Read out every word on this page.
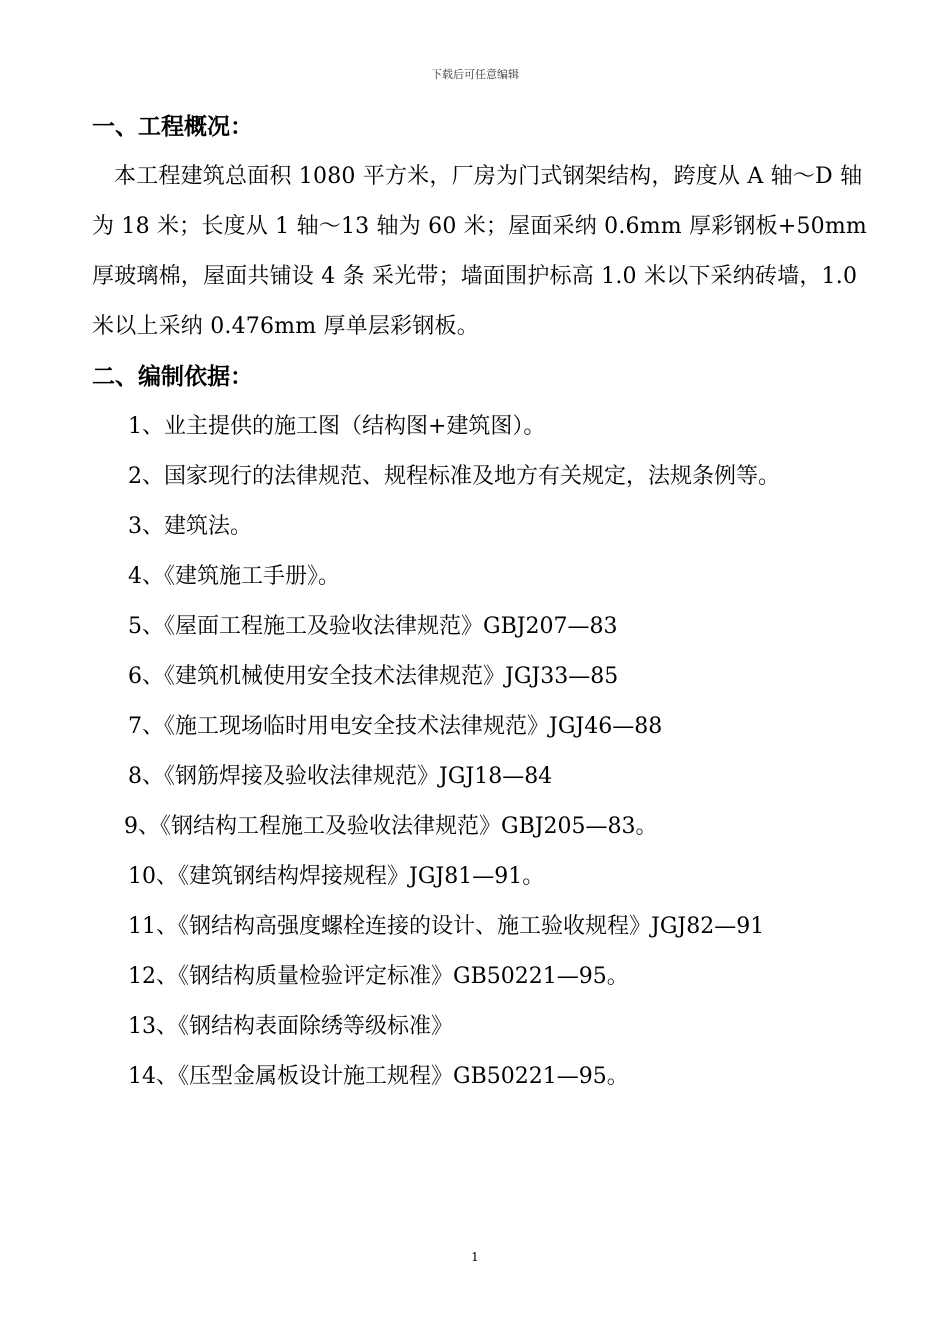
下载后可任意编辑
一、工程概况：

本工程建筑总面积 1080 平方米，厂房为门式钢架结构，跨度从 A 轴～D 轴为 18 米；长度从 1 轴～13 轴为 60 米；屋面采纳 0.6mm 厚彩钢板+50mm 厚玻璃棉，屋面共铺设 4 条 采光带；墙面围护标高 1.0 米以下采纳砖墙，1.0 米以上采纳 0.476mm 厚单层彩钢板。

二、编制依据：
1、业主提供的施工图（结构图+建筑图）。
2、国家现行的法律规范、规程标准及地方有关规定，法规条例等。
3、建筑法。
4、《建筑施工手册》。
5、《屋面工程施工及验收法律规范》GBJ207—83
6、《建筑机械使用安全技术法律规范》JGJ33—85
7、《施工现场临时用电安全技术法律规范》JGJ46—88
8、《钢筋焊接及验收法律规范》JGJ18—84
9、《钢结构工程施工及验收法律规范》GBJ205—83。
10、《建筑钢结构焊接规程》JGJ81—91。
11、《钢结构高强度螺栓连接的设计、施工验收规程》JGJ82—91
12、《钢结构质量检验评定标准》GB50221—95。
13、《钢结构表面除绣等级标准》
14、《压型金属板设计施工规程》GB50221—95。
1
